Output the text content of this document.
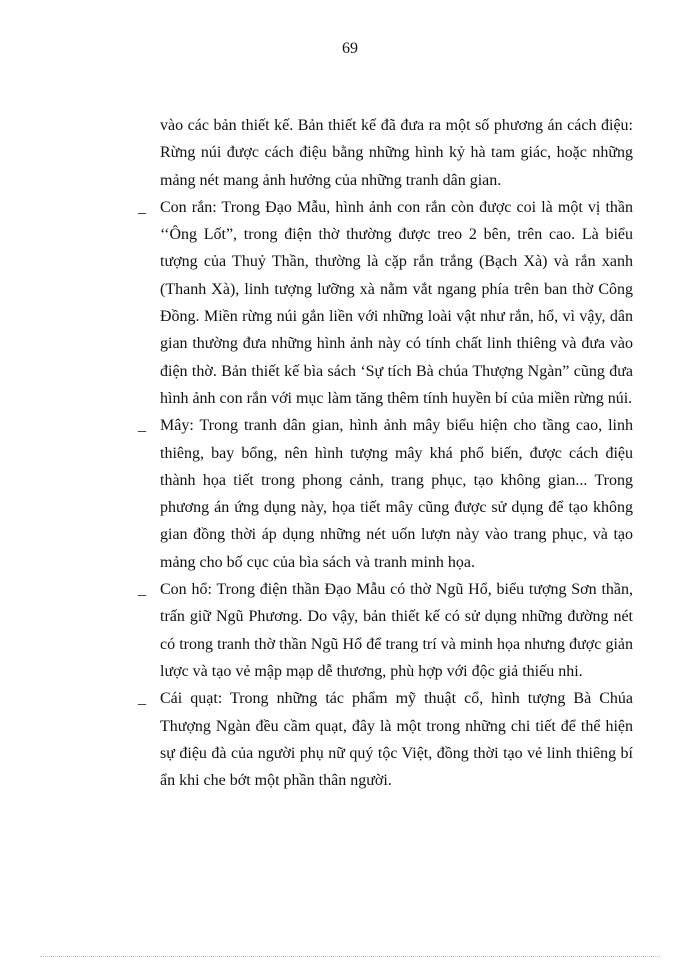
69

vào các bản thiết kế. Bản thiết kế đã đưa ra một số phương án cách điệu: Rừng núi được cách điệu bằng những hình kỷ hà tam giác, hoặc những mảng nét mang ảnh hưởng của những tranh dân gian.

_ Con rắn: Trong Đạo Mẫu, hình ảnh con rắn còn được coi là một vị thần ‘‘Ông Lốt”, trong điện thờ thường được treo 2 bên, trên cao. Là biểu tượng của Thuỷ Thần, thường là cặp rắn trắng (Bạch Xà) và rắn xanh (Thanh Xà), linh tượng lưỡng xà nằm vắt ngang phía trên ban thờ Công Đồng. Miền rừng núi gắn liền với những loài vật như rắn, hổ, vì vậy, dân gian thường đưa những hình ảnh này có tính chất linh thiêng và đưa vào điện thờ. Bản thiết kế bìa sách ‘Sự tích Bà chúa Thượng Ngàn” cũng đưa hình ảnh con rắn với mục làm tăng thêm tính huyền bí của miền rừng núi.

_ Mây: Trong tranh dân gian, hình ảnh mây biểu hiện cho tầng cao, linh thiêng, bay bổng, nên hình tượng mây khá phổ biến, được cách điệu thành họa tiết trong phong cảnh, trang phục, tạo không gian... Trong phương án ứng dụng này, họa tiết mây cũng được sử dụng để tạo không gian đồng thời áp dụng những nét uốn lượn này vào trang phục, và tạo mảng cho bố cục của bìa sách và tranh minh họa.

_ Con hổ: Trong điện thần Đạo Mẫu có thờ Ngũ Hổ, biểu tượng Sơn thần, trấn giữ Ngũ Phương. Do vậy, bản thiết kế có sử dụng những đường nét có trong tranh thờ thần Ngũ Hổ để trang trí và minh họa nhưng được giản lược và tạo vẻ mập mạp dễ thương, phù hợp với độc giả thiếu nhi.

_ Cái quạt: Trong những tác phẩm mỹ thuật cổ, hình tượng Bà Chúa Thượng Ngàn đều cầm quạt, đây là một trong những chi tiết để thể hiện sự điệu đà của người phụ nữ quý tộc Việt, đồng thời tạo vẻ linh thiêng bí ẩn khi che bớt một phần thân người.
